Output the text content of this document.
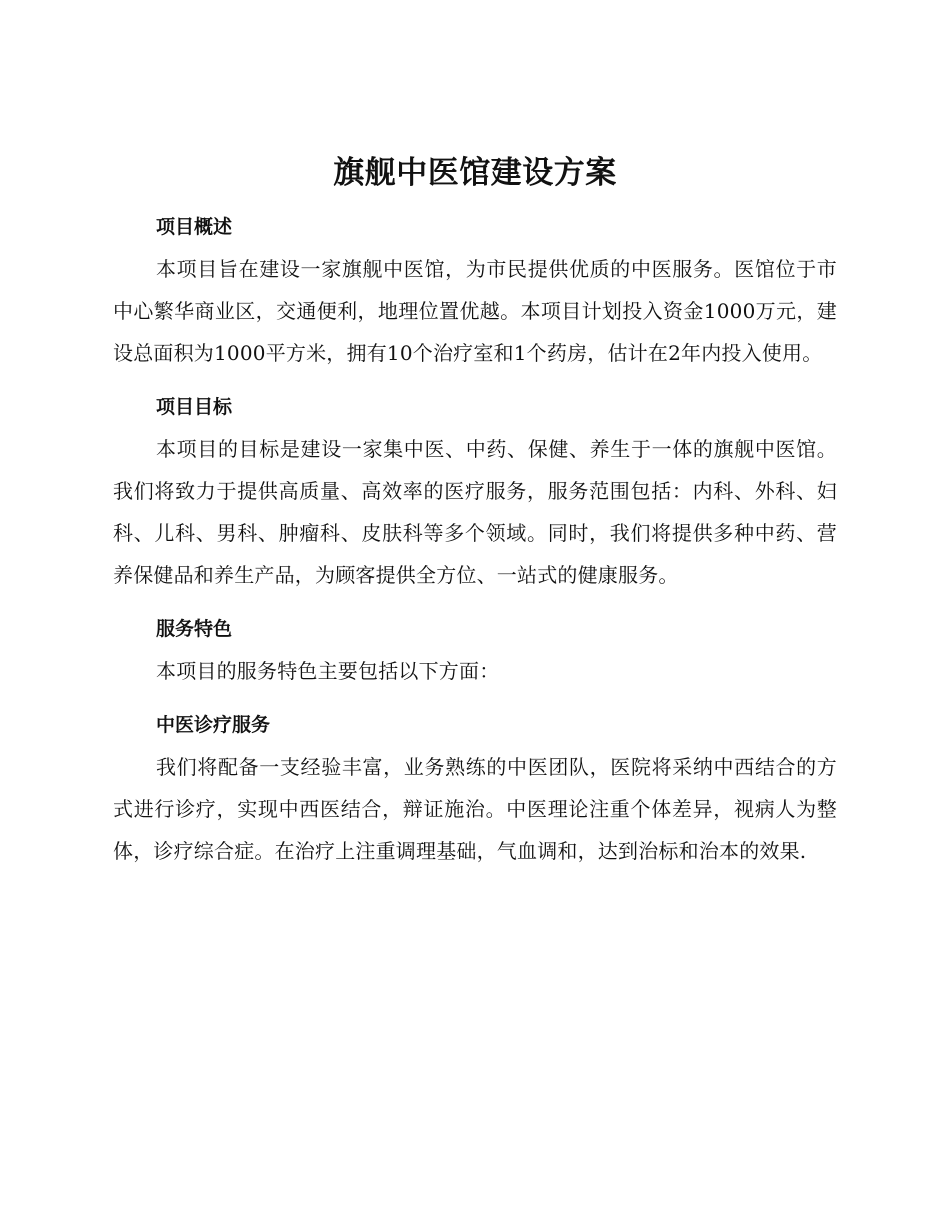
旗舰中医馆建设方案
项目概述

本项目旨在建设一家旗舰中医馆，为市民提供优质的中医服务。医馆位于市中心繁华商业区，交通便利，地理位置优越。本项目计划投入资金1000万元，建设总面积为1000平方米，拥有10个治疗室和1个药房，估计在2年内投入使用。

项目目标

本项目的目标是建设一家集中医、中药、保健、养生于一体的旗舰中医馆。我们将致力于提供高质量、高效率的医疗服务，服务范围包括：内科、外科、妇科、儿科、男科、肿瘤科、皮肤科等多个领域。同时，我们将提供多种中药、营养保健品和养生产品，为顾客提供全方位、一站式的健康服务。

服务特色

本项目的服务特色主要包括以下方面：

中医诊疗服务

我们将配备一支经验丰富，业务熟练的中医团队，医院将采纳中西结合的方式进行诊疗，实现中西医结合，辩证施治。中医理论注重个体差异，视病人为整体，诊疗综合症。在治疗上注重调理基础，气血调和，达到治标和治本的效果.
